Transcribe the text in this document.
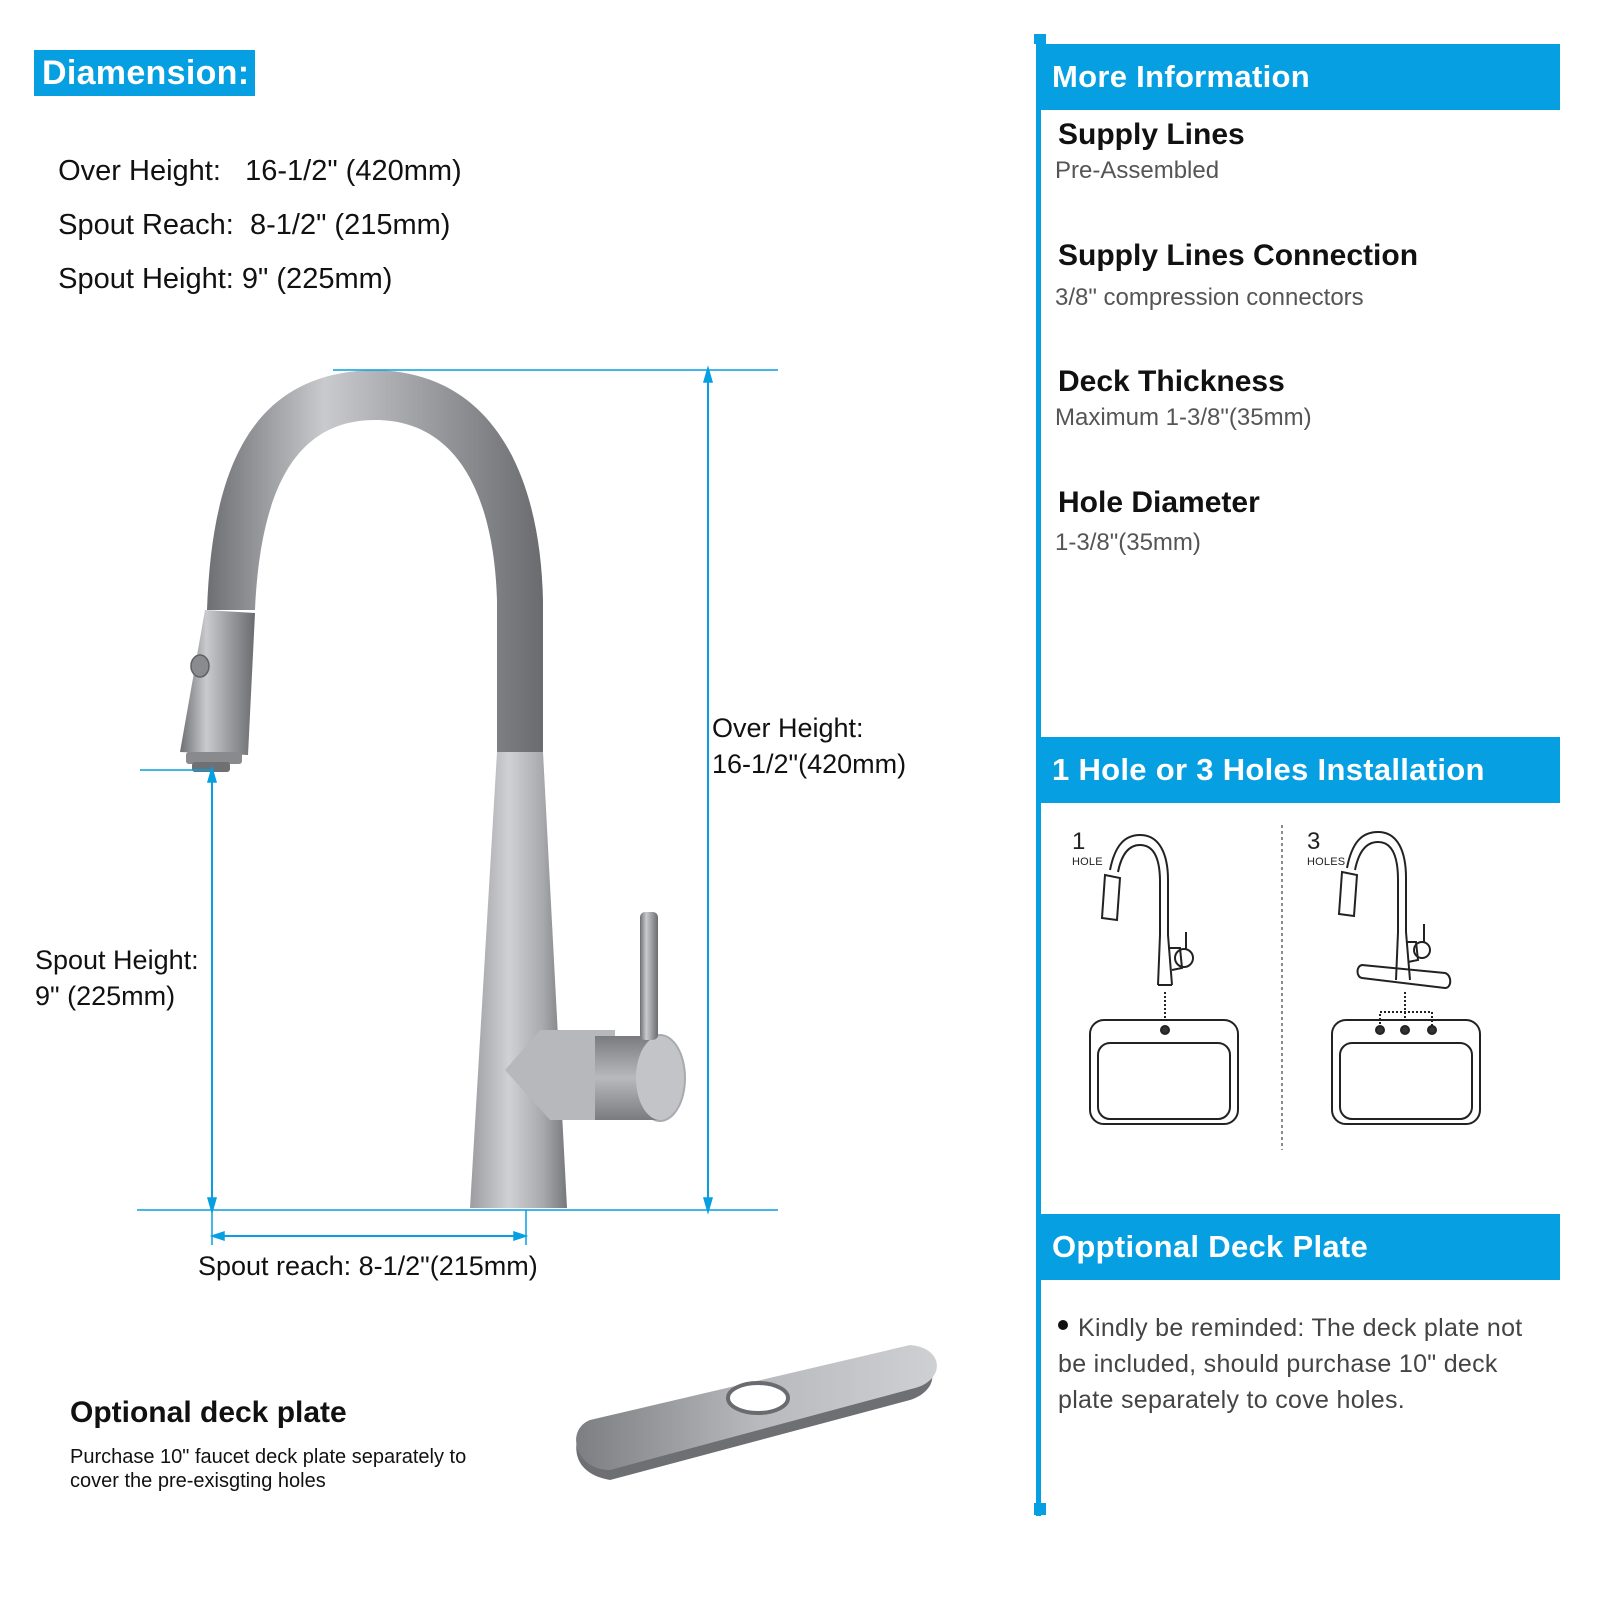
Diamension:

Over Height:   16-1/2" (420mm)

Spout Reach:  8-1/2" (215mm)

Spout Height: 9" (225mm)

Over Height:
16-1/2"(420mm)
Spout Height:
9" (225mm)
Spout reach: 8-1/2"(215mm)
Optional deck plate
Purchase 10" faucet deck plate separately to cover the pre-exisgting holes
More Information
Supply Lines
Pre-Assembled
Supply Lines Connection
3/8" compression connectors
Deck Thickness
Maximum 1-3/8"(35mm)
Hole Diameter
1-3/8"(35mm)
1 Hole or 3 Holes Installation
1
HOLE
3
HOLES
Opptional Deck Plate
Kindly be reminded: The deck plate not be included, should purchase 10" deck plate separately to cove holes.
